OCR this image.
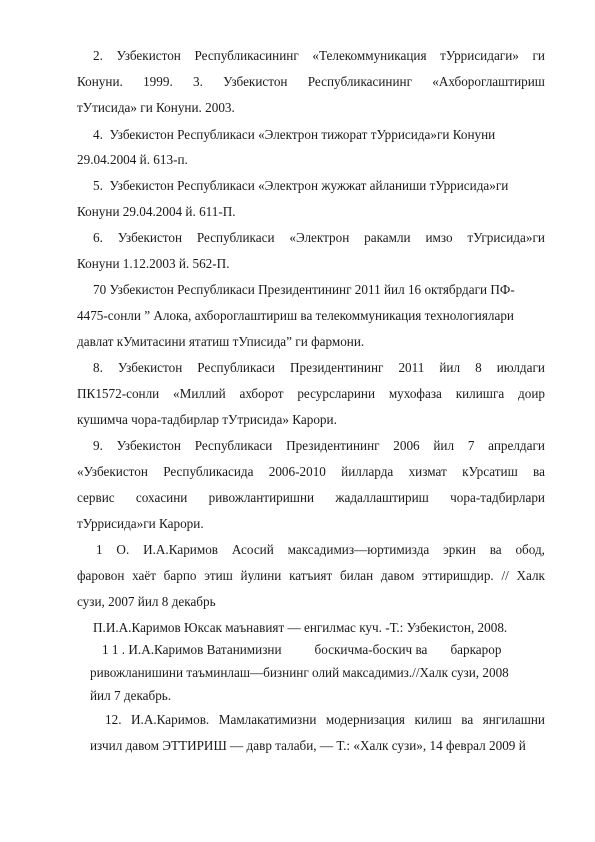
2. Узбекистон Республикасининг «Телекоммуникация тУррисидаги» ги
Конуни. 1999. 3. Узбекистон Республикасининг «Ахбороглаштириш
тУтисида» ги Конуни. 2003.
4.  Узбекистон Республикаси «Электрон тижорат тУррисида»ги Конуни
29.04.2004 й. 613-п.
5.  Узбекистон Республикаси «Электрон жужжат айланиши тУррисида»ги
Конуни 29.04.2004 й. 611-П.
6. Узбекистон Республикаси «Электрон ракамли имзо тУгрисида»ги
Конуни 1.12.2003 й. 562-П.
70 Узбекистон Республикаси Президентининг 2011 йил 16 октябрдаги ПФ-
4475-сонли ” Алока, ахбороглаштириш ва телекоммуникация технологиялари
давлат кУмитасини ятатиш тУписида” ги фармони.
8. Узбекистон Республикаси Президентининг 2011 йил 8 июлдаги
ПК1572-сонли «Миллий ахборот ресурсларини мухофаза килишга доир
кушимча чора-тадбирлар тУтрисида» Карори.
9. Узбекистон Республикаси Президентининг 2006 йил 7 апрелдаги
«Узбекистон Республикасида 2006-2010 йилларда хизмат кУрсатиш ва
сервис сохасини ривожлантиришни жадаллаштириш чора-тадбирлари
тУррисида»ги Карори.
1 О. И.А.Каримов Асосий максадимиз—юртимизда эркин ва обод,
фаровон хаёт барпо этиш йулини катъият билан давом эттиришдир. // Халк
сузи, 2007 йил 8 декабрь
П.И.А.Каримов Юксак маънавият — енгилмас куч. -Т.: Узбекистон, 2008.
1 1 . И.А.Каримов Ватанимизни          боскичма-боскич ва       баркарор
ривожланишини таъминлаш—бизнинг олий максадимиз.//Халк сузи, 2008
йил 7 декабрь.
12. И.А.Каримов. Мамлакатимизни модернизация килиш ва янгилашни
изчил давом ЭТТИРИШ — давр талаби, — Т.: «Халк сузи», 14 феврал 2009 й
